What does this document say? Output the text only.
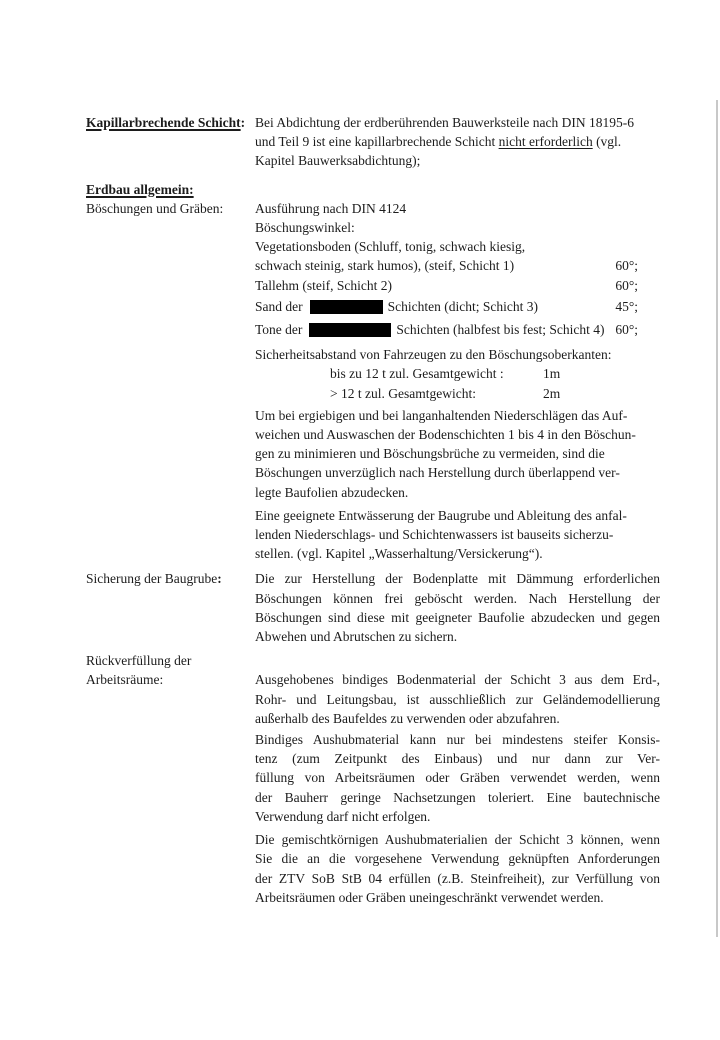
Kapillarbrechende Schicht: Bei Abdichtung der erdberührenden Bauwerksteile nach DIN 18195-6
und Teil 9 ist eine kapillarbrechende Schicht nicht erforderlich (vgl.
Kapitel Bauwerksabdichtung);
Erdbau allgemein:
Böschungen und Gräben:	Ausführung nach DIN 4124
Böschungswinkel:
Vegetationsboden (Schluff, tonig, schwach kiesig,
schwach steinig, stark humos), (steif, Schicht 1)	60°;
Tallehm (steif, Schicht 2)	60°;
Sand der	Schichten (dicht; Schicht 3)	45°;
Tone der	Schichten (halbfest bis fest; Schicht 4) 60°;
Sicherheitsabstand von Fahrzeugen zu den Böschungsoberkanten:
bis zu 12 t zul. Gesamtgewicht :	1m
> 12 t zul. Gesamtgewicht:	2m
Um bei ergiebigen und bei langanhaltenden Niederschlägen das Auf-
weichen und Auswaschen der Bodenschichten 1 bis 4 in den Böschun-
gen zu minimieren und Böschungsbrüche zu vermeiden, sind die
Böschungen unverzüglich nach Herstellung durch überlappend ver-
legte Baufolien abzudecken.
Eine geeignete Entwässerung der Baugrube und Ableitung des anfal-
lenden Niederschlags- und Schichtenwassers ist bauseits sicherzu-
stellen. (vgl. Kapitel „Wasserhaltung/Versickerung“).
Sicherung der Baugrube:	Die zur Herstellung der Bodenplatte mit Dämmung erforderlichen
Böschungen können frei geböscht werden. Nach Herstellung der
Böschungen sind diese mit geeigneter Baufolie abzudecken und gegen
Abwehen und Abrutschen zu sichern.
Rückverfüllung der
Arbeitsräume:	Ausgehobenes bindiges Bodenmaterial der Schicht 3 aus dem Erd-,
Rohr- und Leitungsbau, ist ausschließlich zur Geländemodellierung
außerhalb des Baufeldes zu verwenden oder abzufahren.
Bindiges Aushubmaterial kann nur bei mindestens steifer Konsis-
tenz (zum Zeitpunkt des Einbaus) und nur dann zur Ver-
füllung von Arbeitsräumen oder Gräben verwendet werden, wenn
der Bauherr geringe Nachsetzungen toleriert. Eine bautechnische
Verwendung darf nicht erfolgen.
Die gemischtkörnigen Aushubmaterialien der Schicht 3 können, wenn
Sie die an die vorgesehene Verwendung geknüpften Anforderungen
der ZTV SoB StB 04 erfüllen (z.B. Steinfreiheit), zur Verfüllung von
Arbeitsräumen oder Gräben uneingeschränkt verwendet werden.
